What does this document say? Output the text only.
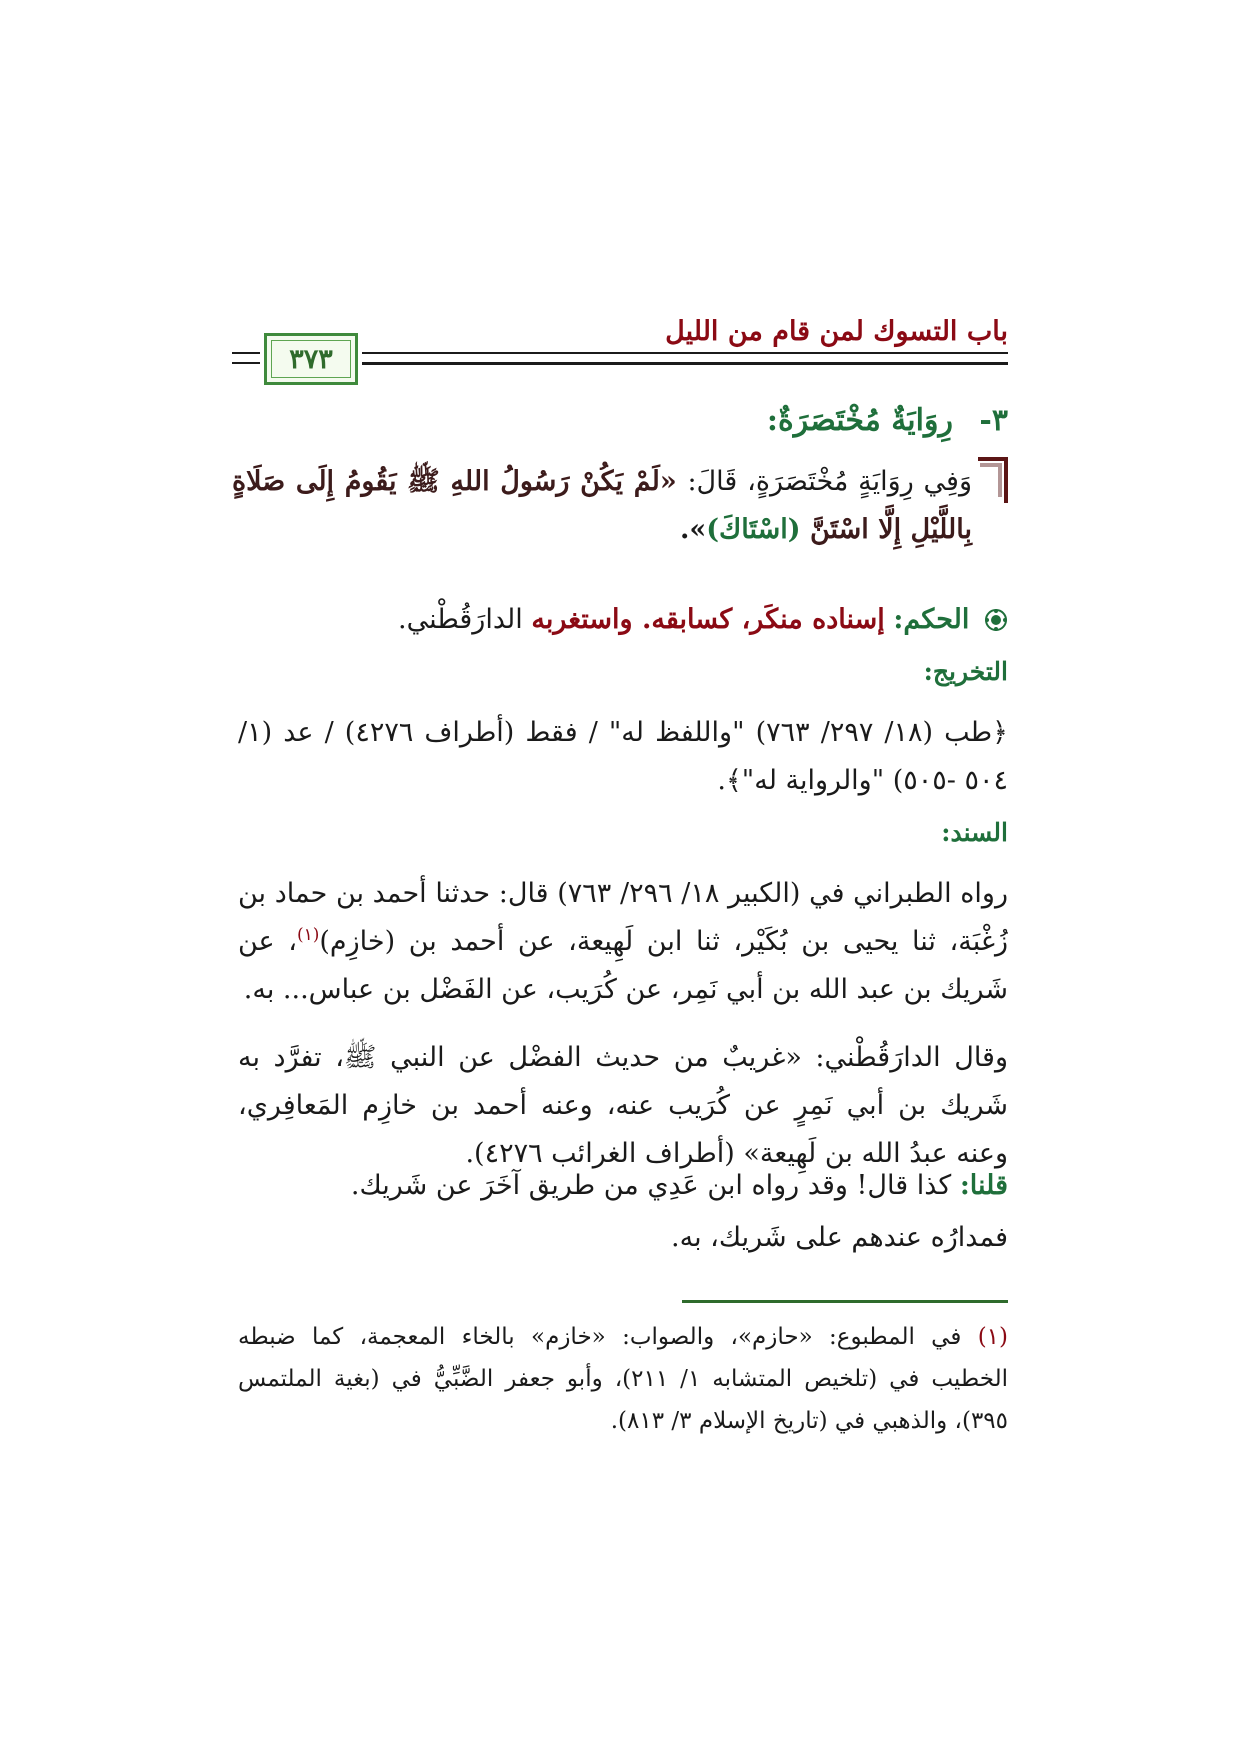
باب التسوك لمن قام من الليل
٣٧٣
٣- رِوَايَةٌ مُخْتَصَرَةٌ:
وَفِي رِوَايَةٍ مُخْتَصَرَةٍ، قَالَ: «لَمْ يَكُنْ رَسُولُ اللهِ ﷺ يَقُومُ إِلَى صَلَاةٍ بِاللَّيْلِ إِلَّا اسْتَنَّ (اسْتَاكَ)».
الحكم: إسناده منكَر، كسابقه. واستغربه الدارَقُطْني.
التخريج:
﴿طب (١٨/ ٢٩٧/ ٧٦٣) "واللفظ له" / فقط (أطراف ٤٢٧٦) / عد (١/ ٥٠٤ -٥٠٥) "والرواية له"﴾.
السند:
رواه الطبراني في (الكبير ١٨/ ٢٩٦/ ٧٦٣) قال: حدثنا أحمد بن حماد بن زُغْبَة، ثنا يحيى بن بُكَيْر، ثنا ابن لَهِيعة، عن أحمد بن (خازِم)$^{(١)}$، عن شَريك بن عبد الله بن أبي نَمِر، عن كُرَيب، عن الفَضْل بن عباس... به.
وقال الدارَقُطْني: «غريبٌ من حديث الفضْل عن النبي ﷺ، تفرَّد به شَريك بن أبي نَمِرٍ عن كُرَيب عنه، وعنه أحمد بن خازِم المَعافِري، وعنه عبدُ الله بن لَهِيعة» (أطراف الغرائب ٤٢٧٦).
قلنا: كذا قال! وقد رواه ابن عَدِي من طريق آخَرَ عن شَريك.
فمدارُه عندهم على شَريك، به.
(١) في المطبوع: «حازم»، والصواب: «خازم» بالخاء المعجمة، كما ضبطه الخطيب في (تلخيص المتشابه ١/ ٢١١)، وأبو جعفر الضَّبِّيُّ في (بغية الملتمس ٣٩٥)، والذهبي في (تاريخ الإسلام ٣/ ٨١٣).
